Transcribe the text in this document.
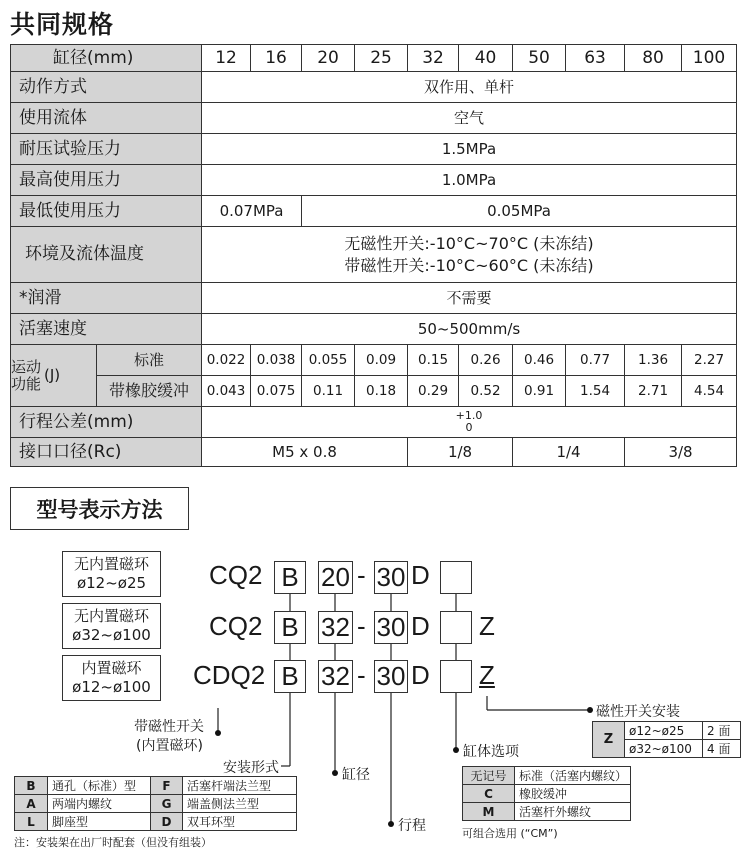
共同规格
缸径(mm)		12	16	20	25	32	40	50	63	80	100
动作方式		双作用、单杆									
使用流体		空气									
耐压试验压力		1.5MPa									
最高使用压力		1.0MPa									
最低使用压力		0.07MPa		0.05MPa							
环境及流体温度		无磁性开关:-10°C~70°C (未冻结)
带磁性开关:-10°C~60°C (未冻结)									

*润滑		不需要									
活塞速度		50~500mm/s									

运动
功能 (J)	标准	0.022	0.038	0.055	0.09	0.15	0.26	0.46	0.77	1.36	2.27
	带橡胶缓冲	0.043	0.075	0.11	0.18	0.29	0.52	0.91	1.54	2.71	4.54
行程公差(mm)		+1.0
0									

接口口径(Rc)		M5 x 0.8				1/8		1/4		3/8	
型号表示方法
无内置磁环
ø12~ø25
无内置磁环
ø32~ø100
内置磁环
ø12~ø100
CQ2 B 20 - 30 D
CQ2 B 32 - 30 D Z
CDQ2 B 32 - 30 D Z
带磁性开关
(内置磁环)
安装形式	缸径
行程
缸体选项
磁性开关安装
Z	ø12~ø25	2 面
	ø32~ø100	4 面
B	通孔（标准）型	F	活塞杆端法兰型
A	两端内螺纹	G	端盖侧法兰型
L	脚座型	D	双耳环型
注：安装架在出厂时配套（但没有组装）
无记号	标准（活塞内螺纹）
C	橡胶缓冲
M	活塞杆外螺纹
可组合选用 (“CM”)
